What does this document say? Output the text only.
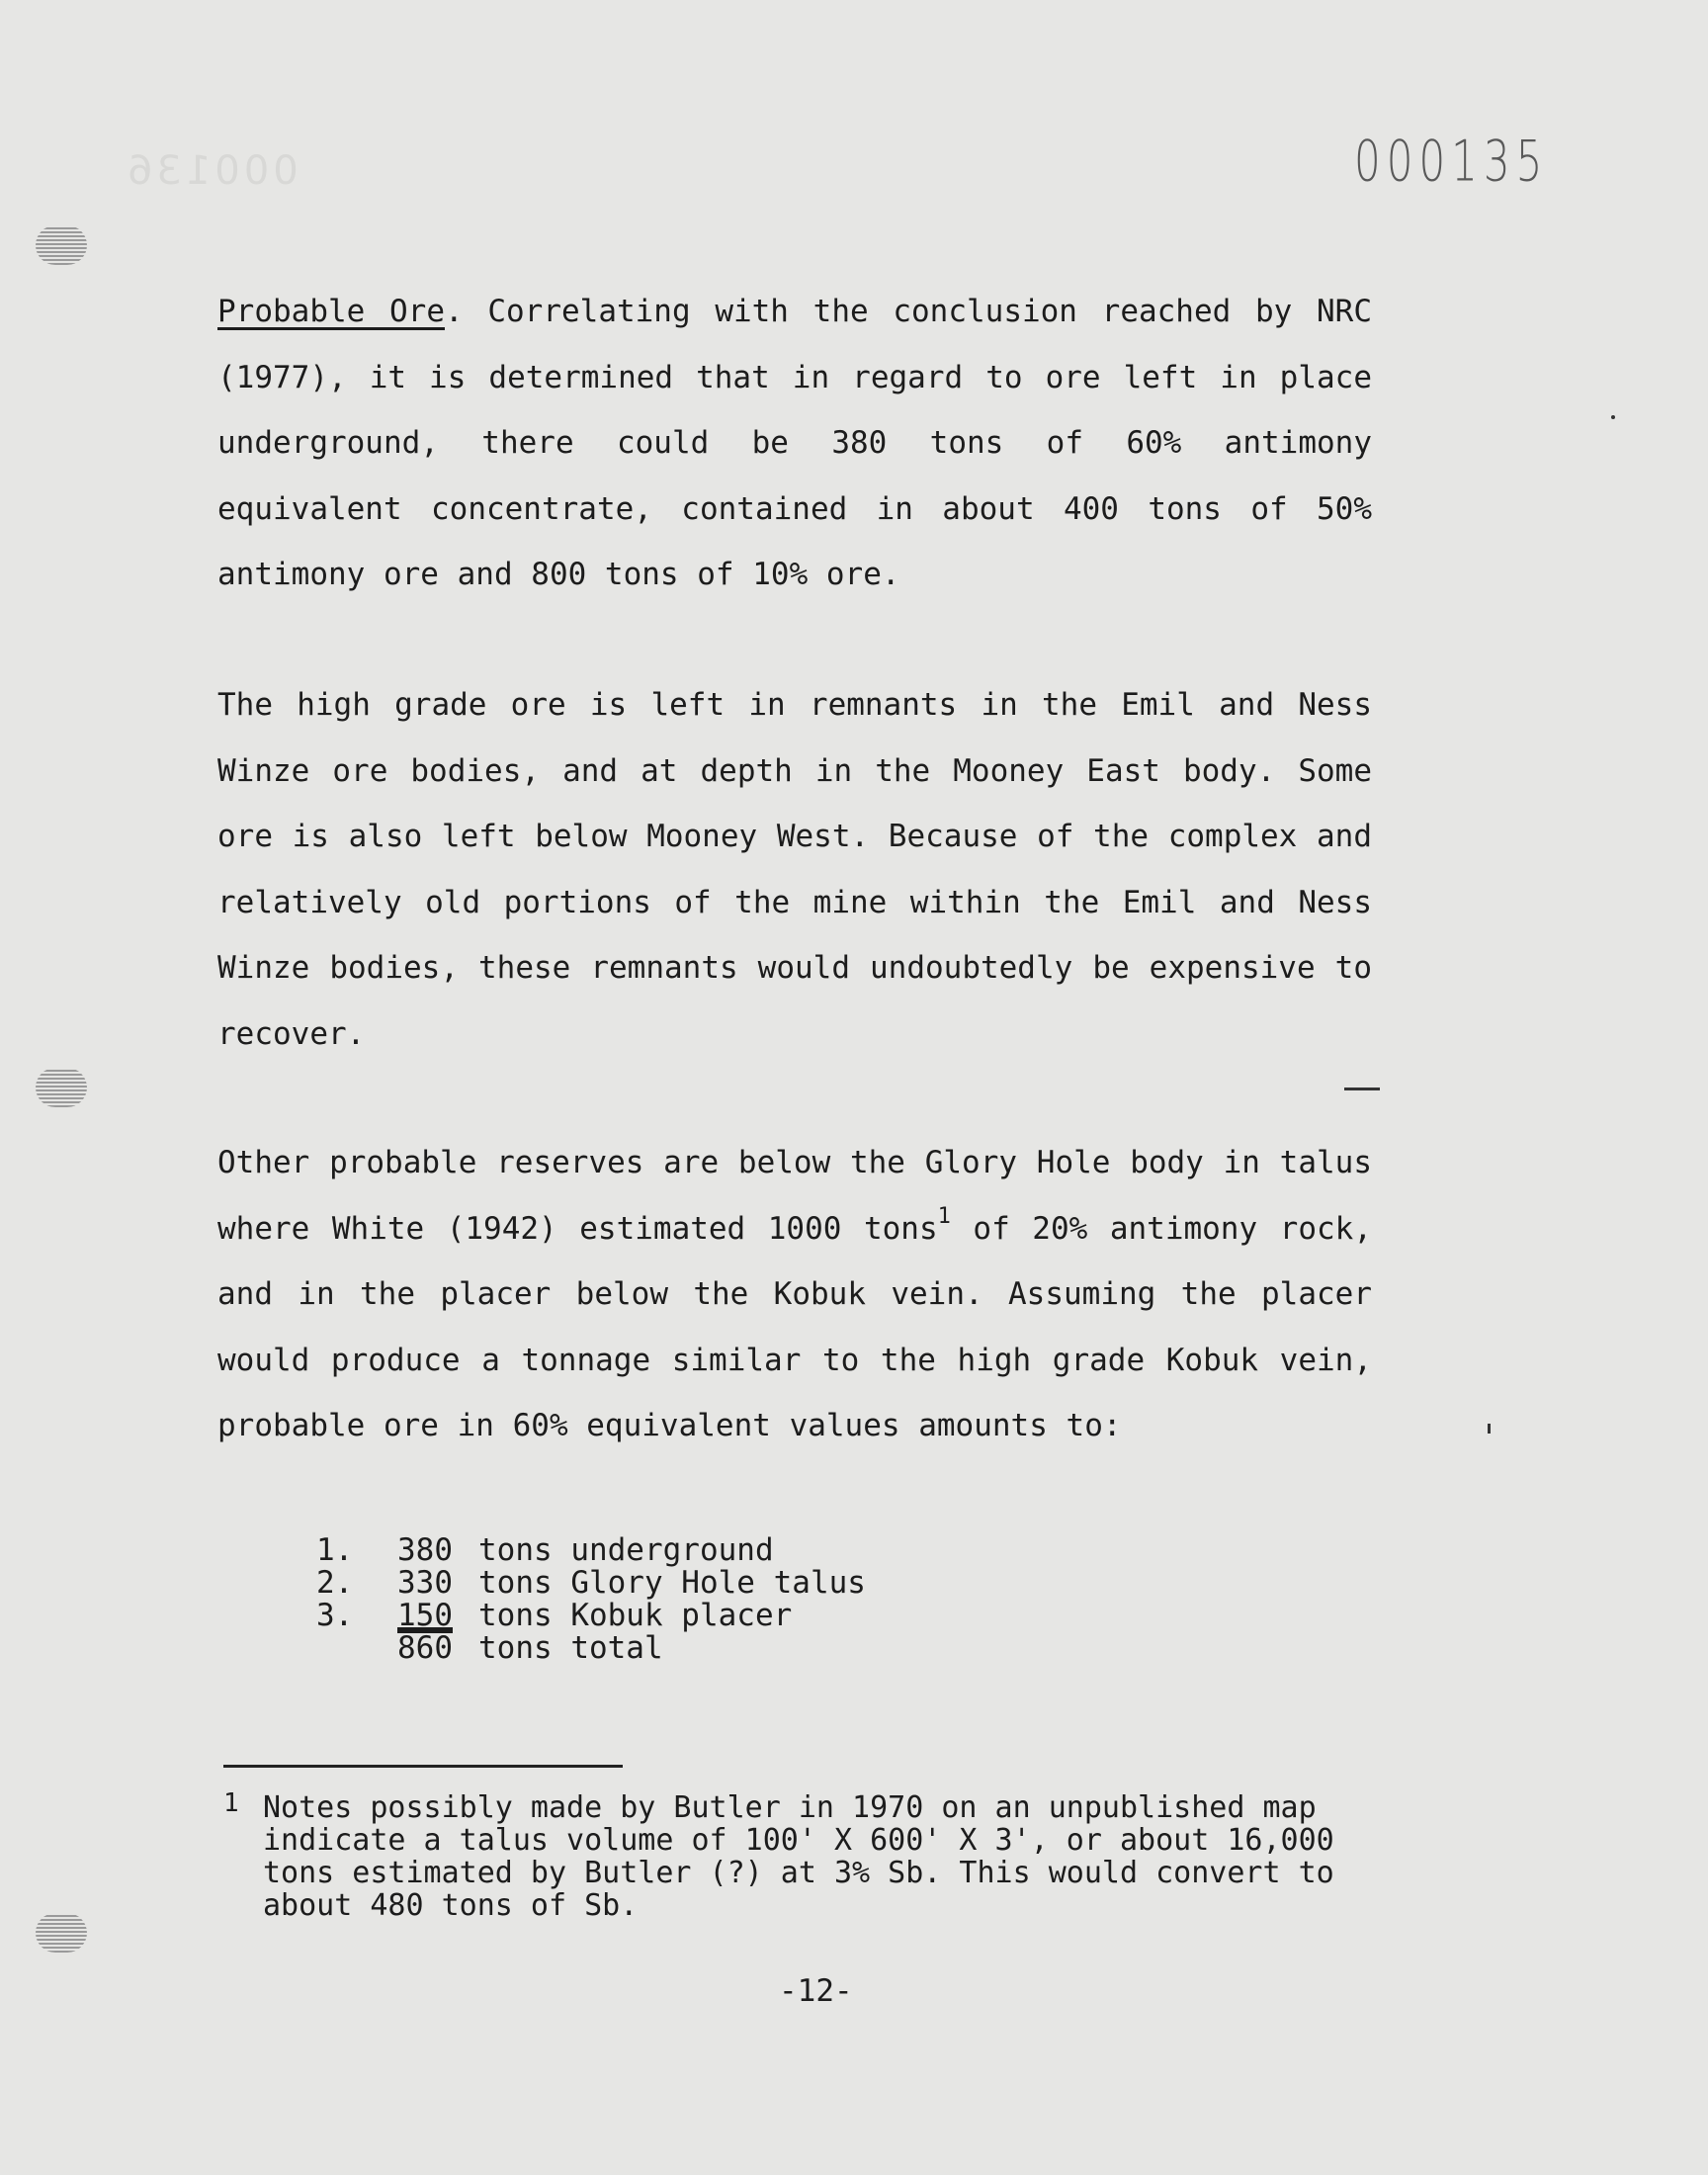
000136	000135

Probable Ore. Correlating with the conclusion reached by NRC (1977), it is determined that in regard to ore left in place underground, there could be 380 tons of 60% antimony equivalent concentrate, contained in about 400 tons of 50% antimony ore and 800 tons of 10% ore.

The high grade ore is left in remnants in the Emil and Ness Winze ore bodies, and at depth in the Mooney East body. Some ore is also left below Mooney West. Because of the complex and relatively old portions of the mine within the Emil and Ness Winze bodies, these remnants would undoubtedly be expensive to recover.

Other probable reserves are below the Glory Hole body in talus where White (1942) estimated 1000 tons$^1$ of 20% antimony rock, and in the placer below the Kobuk vein. Assuming the placer would produce a tonnage similar to the high grade Kobuk vein, probable ore in 60% equivalent values amounts to:

1.	380 tons underground
2.	330 tons Glory Hole talus
3.	150 tons Kobuk placer
860 tons total
1 Notes possibly made by Butler in 1970 on an unpublished map indicate a talus volume of 100' X 600' X 3', or about 16,000 tons estimated by Butler (?) at 3% Sb. This would convert to about 480 tons of Sb.
-12-
